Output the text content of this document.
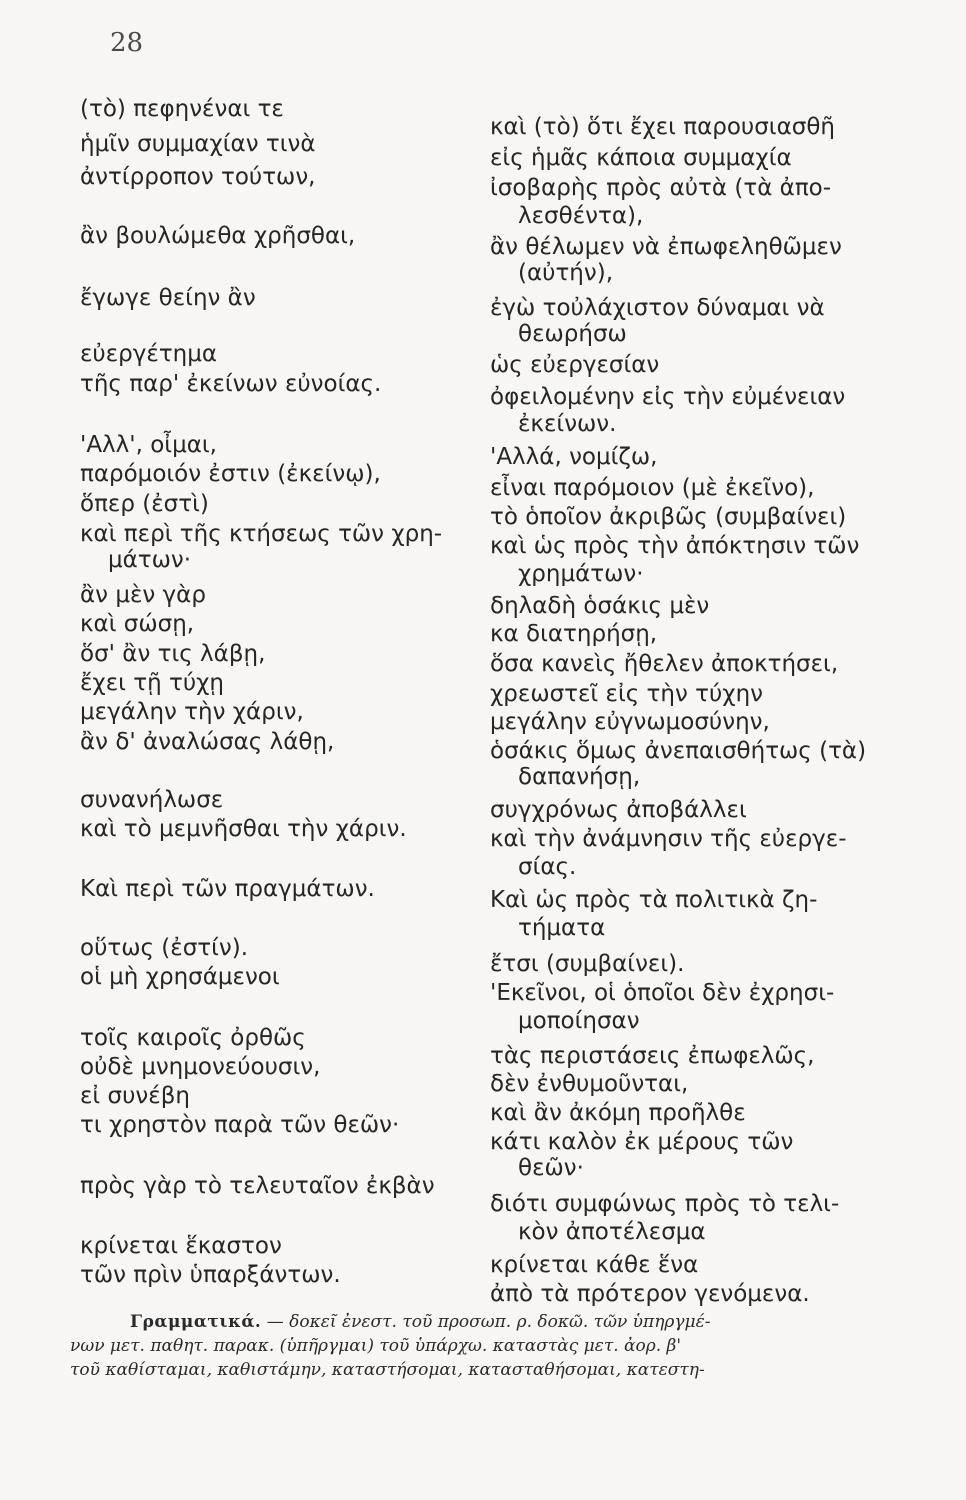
28
(τὸ) πεφηνέναι τε
ἡμῖν συμμαχίαν τινὰ
ἀντίρροπον τούτων,
ἂν βουλώμεθα χρῆσθαι,
ἔγωγε θείην ἂν
εὐεργέτημα
τῆς παρ' ἐκείνων εὐνοίας.
'Αλλ', οἶμαι,
παρόμοιόν ἐστιν (ἐκείνῳ),
ὅπερ (ἐστὶ)
καὶ περὶ τῆς κτήσεως τῶν χρη-
μάτων·
ἂν μὲν γὰρ
καὶ σώσῃ,
ὅσ' ἂν τις λάβῃ,
ἔχει τῇ τύχῃ
μεγάλην τὴν χάριν,
ἂν δ' ἀναλώσας λάθῃ,
συνανήλωσε
καὶ τὸ μεμνῆσθαι τὴν χάριν.
Καὶ περὶ τῶν πραγμάτων.
οὕτως (ἐστίν).
οἱ μὴ χρησάμενοι
τοῖς καιροῖς ὀρθῶς
οὐδὲ μνημονεύουσιν,
εἰ συνέβη
τι χρηστὸν παρὰ τῶν θεῶν·
πρὸς γὰρ τὸ τελευταῖον ἐκβὰν
κρίνεται ἕκαστον
τῶν πρὶν ὑπαρξάντων.
καὶ (τὸ) ὅτι ἔχει παρουσιασθῆ
εἰς ἡμᾶς κάποια συμμαχία
ἰσοβαρὴς πρὸς αὐτὰ (τὰ ἀπο-
λεσθέντα),
ἂν θέλωμεν νὰ ἐπωφεληθῶμεν
(αὐτήν),
ἐγὼ τοὐλάχιστον δύναμαι νὰ
θεωρήσω
ὡς εὐεργεσίαν
ὀφειλομένην εἰς τὴν εὐμένειαν
ἐκείνων.
'Αλλά, νομίζω,
εἶναι παρόμοιον (μὲ ἐκεῖνο),
τὸ ὁποῖον ἀκριβῶς (συμβαίνει)
καὶ ὡς πρὸς τὴν ἀπόκτησιν τῶν
χρημάτων·
δηλαδὴ ὁσάκις μὲν
κα διατηρήσῃ,
ὅσα κανεὶς ἤθελεν ἀποκτήσει,
χρεωστεῖ εἰς τὴν τύχην
μεγάλην εὐγνωμοσύνην,
ὁσάκις ὅμως ἀνεπαισθήτως (τὰ)
δαπανήσῃ,
συγχρόνως ἀποβάλλει
καὶ τὴν ἀνάμνησιν τῆς εὐεργε-
σίας.
Καὶ ὡς πρὸς τὰ πολιτικὰ ζη-
τήματα
ἔτσι (συμβαίνει).
'Εκεῖνοι, οἱ ὁποῖοι δὲν ἐχρησι-
μοποίησαν
τὰς περιστάσεις ἐπωφελῶς,
δὲν ἐνθυμοῦνται,
καὶ ἂν ἀκόμη προῆλθε
κάτι καλὸν ἐκ μέρους τῶν
θεῶν·
διότι συμφώνως πρὸς τὸ τελι-
κὸν ἀποτέλεσμα
κρίνεται κάθε ἕνα
ἀπὸ τὰ πρότερον γενόμενα.
Γραμματικά. — δοκεῖ ἐνεστ. τοῦ προσωπ. ρ. δοκῶ. τῶν ὑπηργμέ-
νων μετ. παθητ. παρακ. (ὑπῆργμαι) τοῦ ὑπάρχω. καταστὰς μετ. ἀορ. β'
τοῦ καθίσταμαι, καθιστάμην, καταστήσομαι, κατασταθήσομαι, κατεστη-
